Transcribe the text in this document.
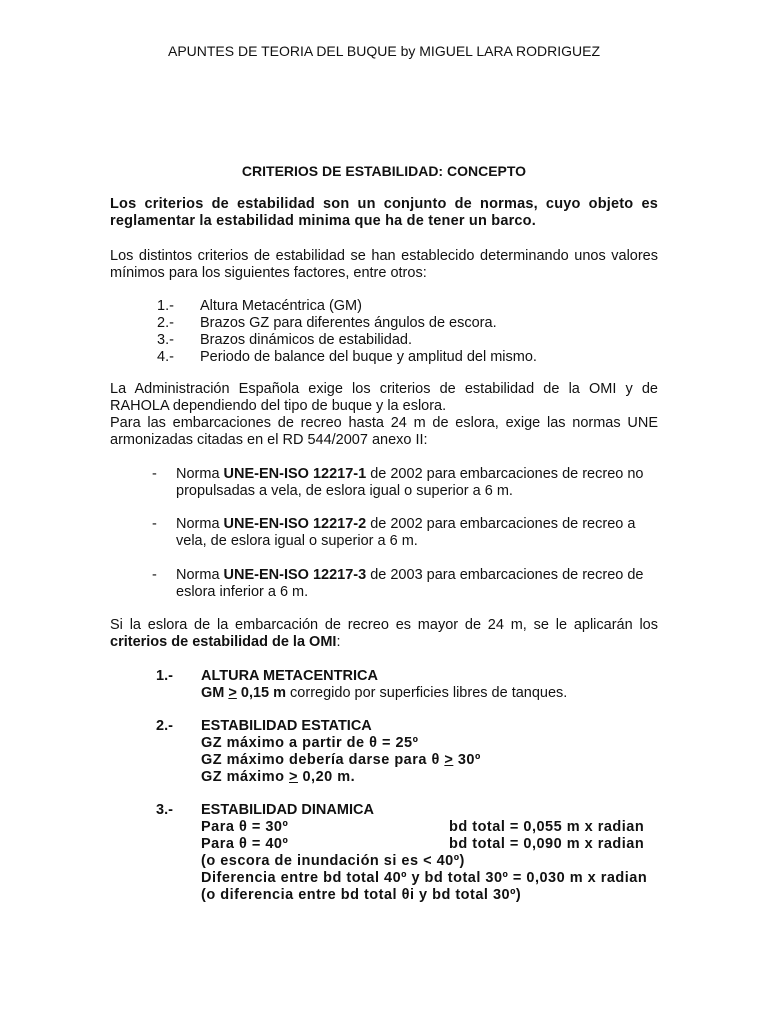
APUNTES DE TEORIA DEL BUQUE by MIGUEL LARA RODRIGUEZ
CRITERIOS DE ESTABILIDAD: CONCEPTO
Los criterios de estabilidad son un conjunto de normas, cuyo objeto es reglamentar la estabilidad minima que ha de tener un barco.
Los distintos criterios de estabilidad se han establecido determinando unos valores mínimos para los siguientes factores, entre otros:
1.-	Altura Metacéntrica (GM)
2.-	Brazos GZ para diferentes ángulos de escora.
3.-	Brazos dinámicos de estabilidad.
4.-	Periodo de balance del buque y amplitud del mismo.
La Administración Española exige los criterios de estabilidad de la OMI y de RAHOLA dependiendo del tipo de buque y la eslora.
Para las embarcaciones de recreo hasta 24 m de eslora, exige las normas UNE armonizadas citadas en el RD 544/2007 anexo II:
-	Norma UNE-EN-ISO 12217-1 de 2002 para embarcaciones de recreo no propulsadas a vela, de eslora igual o superior a 6 m.
-	Norma UNE-EN-ISO 12217-2 de 2002 para embarcaciones de recreo a vela, de eslora igual o superior a 6 m.
-	Norma UNE-EN-ISO 12217-3 de 2003 para embarcaciones de recreo de eslora inferior a 6 m.
Si la eslora de la embarcación de recreo es mayor de 24 m, se le aplicarán los criterios de estabilidad de la OMI:
1.-	ALTURA METACENTRICA
GM ≥ 0,15 m corregido por superficies libres de tanques.
2.-	ESTABILIDAD ESTATICA
GZ máximo a partir de θ = 25º
GZ máximo debería darse para θ ≥ 30º
GZ máximo ≥ 0,20 m.
3.-	ESTABILIDAD DINAMICA
Para θ = 30º	bd total = 0,055 m x radian
Para θ = 40º	bd total = 0,090 m x radian
(o escora de inundación si es < 40º)
Diferencia entre bd total 40º y bd total 30º = 0,030 m x radian
(o diferencia entre bd total θi y bd total 30º)
